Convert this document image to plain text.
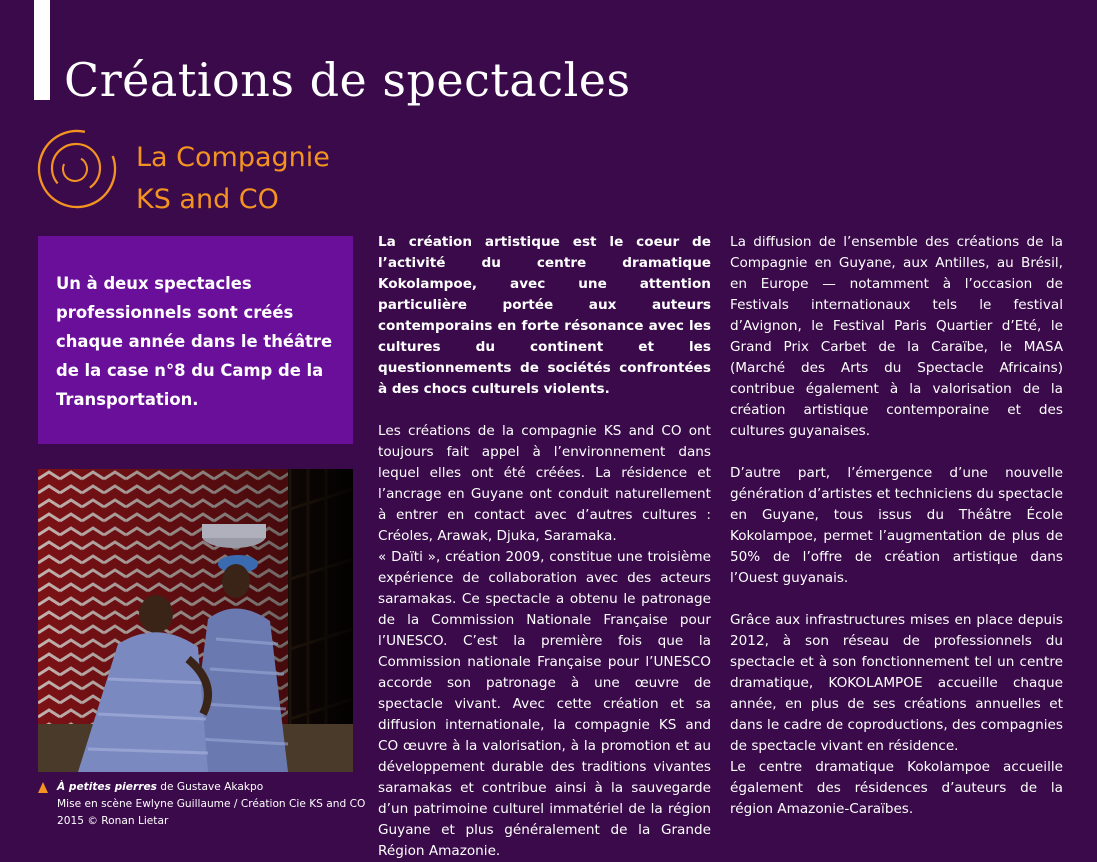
Créations de spectacles
La Compagnie
KS and CO

Un à deux spectacles professionnels sont créés chaque année dans le théâtre de la case n°8 du Camp de la Transportation.

À petites pierres de Gustave Akakpo
Mise en scène Ewlyne Guillaume / Création Cie KS and CO
2015 © Ronan Lietar

La création artistique est le coeur de l’activité du centre dramatique Kokolampoe, avec une attention particulière portée aux auteurs contemporains en forte résonance avec les cultures du continent et les questionnements de sociétés confrontées à des chocs culturels violents.

Les créations de la compagnie KS and CO ont toujours fait appel à l’environnement dans lequel elles ont été créées. La résidence et l’ancrage en Guyane ont conduit naturellement à entrer en contact avec d’autres cultures : Créoles, Arawak, Djuka, Saramaka.

« Daïti », création 2009, constitue une troisième expérience de collaboration avec des acteurs saramakas. Ce spectacle a obtenu le patronage de la Commission Nationale Française pour l’UNESCO. C’est la première fois que la Commission nationale Française pour l’UNESCO accorde son patronage à une œuvre de spectacle vivant. Avec cette création et sa diffusion internationale, la compagnie KS and CO œuvre à la valorisation, à la promotion et au développement durable des traditions vivantes saramakas et contribue ainsi à la sauvegarde d’un patrimoine culturel immatériel de la région Guyane et plus généralement de la Grande Région Amazonie.

La diffusion de l’ensemble des créations de la Compagnie en Guyane, aux Antilles, au Brésil, en Europe — notamment à l’occasion de Festivals internationaux tels le festival d’Avignon, le Festival Paris Quartier d’Eté, le Grand Prix Carbet de la Caraïbe, le MASA (Marché des Arts du Spectacle Africains) contribue également à la valorisation de la création artistique contemporaine et des cultures guyanaises.

D’autre part, l’émergence d’une nouvelle génération d’artistes et techniciens du spectacle en Guyane, tous issus du Théâtre École Kokolampoe, permet l’augmentation de plus de 50% de l’offre de création artistique dans l’Ouest guyanais.

Grâce aux infrastructures mises en place depuis 2012, à son réseau de professionnels du spectacle et à son fonctionnement tel un centre dramatique, KOKOLAMPOE accueille chaque année, en plus de ses créations annuelles et dans le cadre de coproductions, des compagnies de spectacle vivant en résidence.

Le centre dramatique Kokolampoe accueille également des résidences d’auteurs de la région Amazonie-Caraïbes.
